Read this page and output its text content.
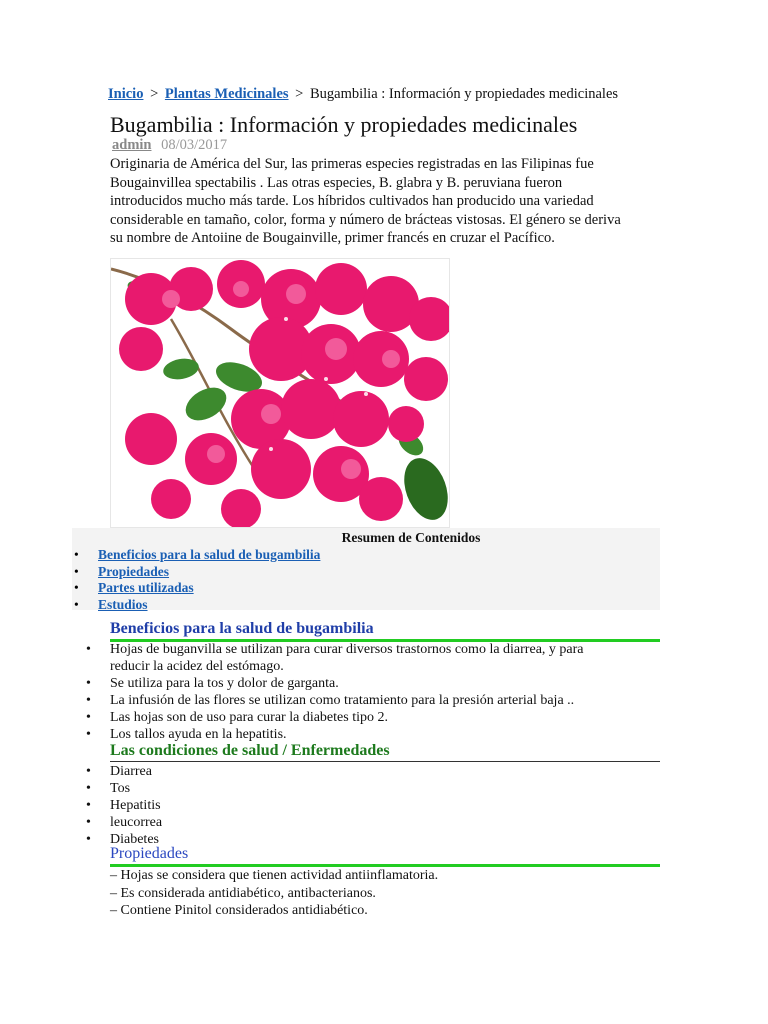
Inicio > Plantas Medicinales > Bugambilia : Información y propiedades medicinales
Bugambilia : Información y propiedades medicinales
admin 08/03/2017

Originaria de América del Sur, las primeras especies registradas en las Filipinas fue
Bougainvillea spectabilis . Las otras especies, B. glabra y B. peruviana fueron
introducidos mucho más tarde. Los híbridos cultivados han producido una variedad
considerable en tamaño, color, forma y número de brácteas vistosas. El género se deriva
su nombre de Antoiine de Bougainville, primer francés en cruzar el Pacífico.

Resumen de Contenidos
• Beneficios para la salud de bugambilia
• Propiedades
• Partes utilizadas
• Estudios
Beneficios para la salud de bugambilia
• Hojas de buganvilla se utilizan para curar diversos trastornos como la diarrea, y para
reducir la acidez del estómago.
• Se utiliza para la tos y dolor de garganta.
• La infusión de las flores se utilizan como tratamiento para la presión arterial baja ..
• Las hojas son de uso para curar la diabetes tipo 2.
• Los tallos ayuda en la hepatitis.
Las condiciones de salud / Enfermedades
• Diarrea
• Tos
• Hepatitis
• leucorrea
• Diabetes
Propiedades
– Hojas se considera que tienen actividad antiinflamatoria.
– Es considerada antidiabético, antibacterianos.
– Contiene Pinitol considerados antidiabético.
